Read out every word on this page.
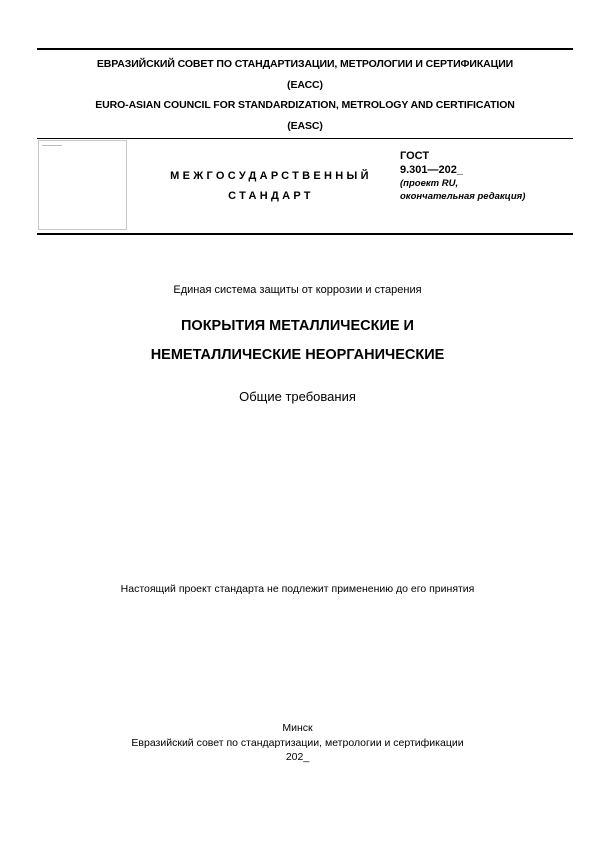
ЕВРАЗИЙСКИЙ СОВЕТ ПО СТАНДАРТИЗАЦИИ, МЕТРОЛОГИИ И СЕРТИФИКАЦИИ
(ЕАСС)
EURO-ASIAN COUNCIL FOR STANDARDIZATION, METROLOGY AND CERTIFICATION
(EASC)
МЕЖГОСУДАРСТВЕННЫЙ
СТАНДАРТ
ГОСТ
9.301—202_
(проект RU,
окончательная редакция)
Единая система защиты от коррозии и старения
ПОКРЫТИЯ МЕТАЛЛИЧЕСКИЕ И
НЕМЕТАЛЛИЧЕСКИЕ НЕОРГАНИЧЕСКИЕ
Общие требования
Настоящий проект стандарта не подлежит применению до его принятия
Минск
Евразийский совет по стандартизации, метрологии и сертификации
202_
